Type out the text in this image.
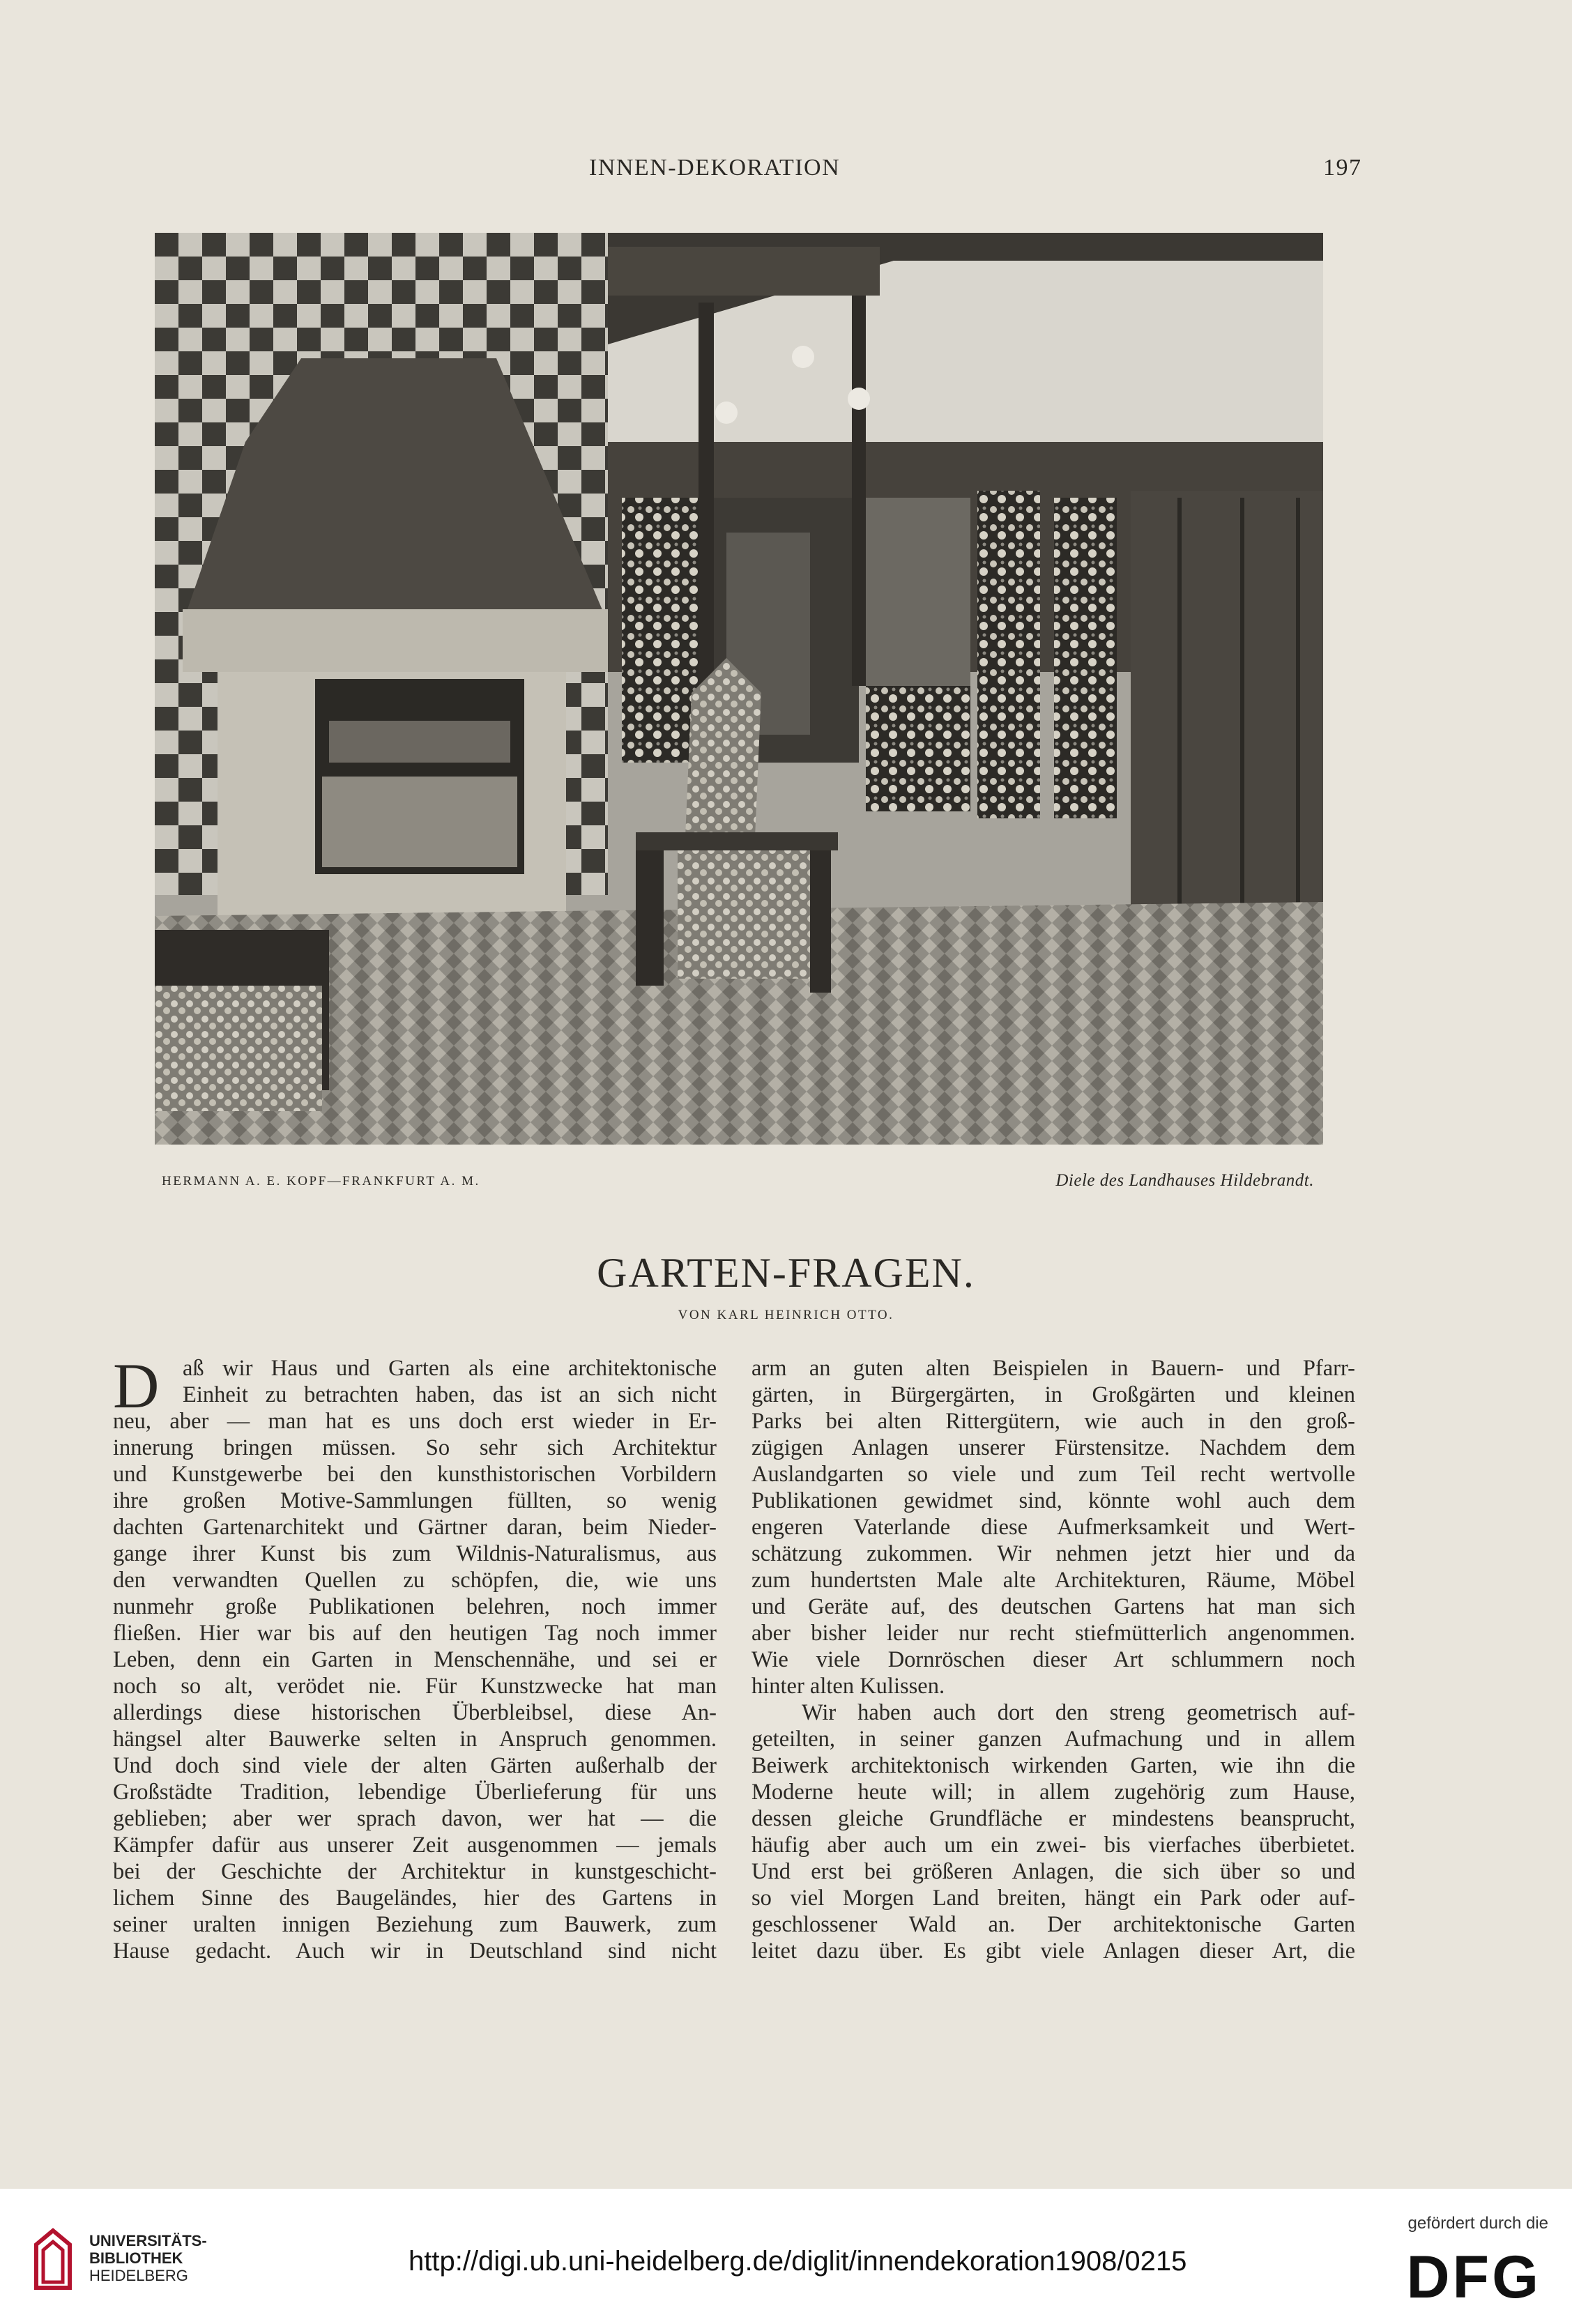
INNEN-DEKORATION	197
HERMANN A. E. KOPF—FRANKFURT A. M.	Diele des Landhauses Hildebrandt.
GARTEN-FRAGEN.
VON KARL HEINRICH OTTO.
D	aß wir Haus und Garten als eine architektonische

Einheit zu betrachten haben, das ist an sich nicht

neu, aber — man hat es uns doch erst wieder in Er-

innerung bringen müssen. So sehr sich Architektur

und Kunstgewerbe bei den kunsthistorischen Vorbildern

ihre großen Motive-Sammlungen füllten, so wenig

dachten Gartenarchitekt und Gärtner daran, beim Nieder-

gange ihrer Kunst bis zum Wildnis-Naturalismus, aus

den verwandten Quellen zu schöpfen, die, wie uns

nunmehr große Publikationen belehren, noch immer

fließen. Hier war bis auf den heutigen Tag noch immer

Leben, denn ein Garten in Menschennähe, und sei er

noch so alt, verödet nie. Für Kunstzwecke hat man

allerdings diese historischen Überbleibsel, diese An-

hängsel alter Bauwerke selten in Anspruch genommen.

Und doch sind viele der alten Gärten außerhalb der

Großstädte Tradition, lebendige Überlieferung für uns

geblieben; aber wer sprach davon, wer hat — die

Kämpfer dafür aus unserer Zeit ausgenommen — jemals

bei der Geschichte der Architektur in kunstgeschicht-

lichem Sinne des Baugeländes, hier des Gartens in

seiner uralten innigen Beziehung zum Bauwerk, zum

Hause gedacht. Auch wir in Deutschland sind nicht

arm an guten alten Beispielen in Bauern- und Pfarr-

gärten, in Bürgergärten, in Großgärten und kleinen

Parks bei alten Rittergütern, wie auch in den groß-

zügigen Anlagen unserer Fürstensitze. Nachdem dem

Auslandgarten so viele und zum Teil recht wertvolle

Publikationen gewidmet sind, könnte wohl auch dem

engeren Vaterlande diese Aufmerksamkeit und Wert-

schätzung zukommen. Wir nehmen jetzt hier und da

zum hundertsten Male alte Architekturen, Räume, Möbel

und Geräte auf, des deutschen Gartens hat man sich

aber bisher leider nur recht stiefmütterlich angenommen.

Wie viele Dornröschen dieser Art schlummern noch

hinter alten Kulissen.

Wir haben auch dort den streng geometrisch auf-

geteilten, in seiner ganzen Aufmachung und in allem

Beiwerk architektonisch wirkenden Garten, wie ihn die

Moderne heute will; in allem zugehörig zum Hause,

dessen gleiche Grundfläche er mindestens beansprucht,

häufig aber auch um ein zwei- bis vierfaches überbietet.

Und erst bei größeren Anlagen, die sich über so und

so viel Morgen Land breiten, hängt ein Park oder auf-

geschlossener Wald an. Der architektonische Garten

leitet dazu über. Es gibt viele Anlagen dieser Art, die

UNIVERSITÄTS-
BIBLIOTHEK
HEIDELBERG	http://digi.ub.uni-heidelberg.de/diglit/innendekoration1908/0215
gefördert durch die
DFG
